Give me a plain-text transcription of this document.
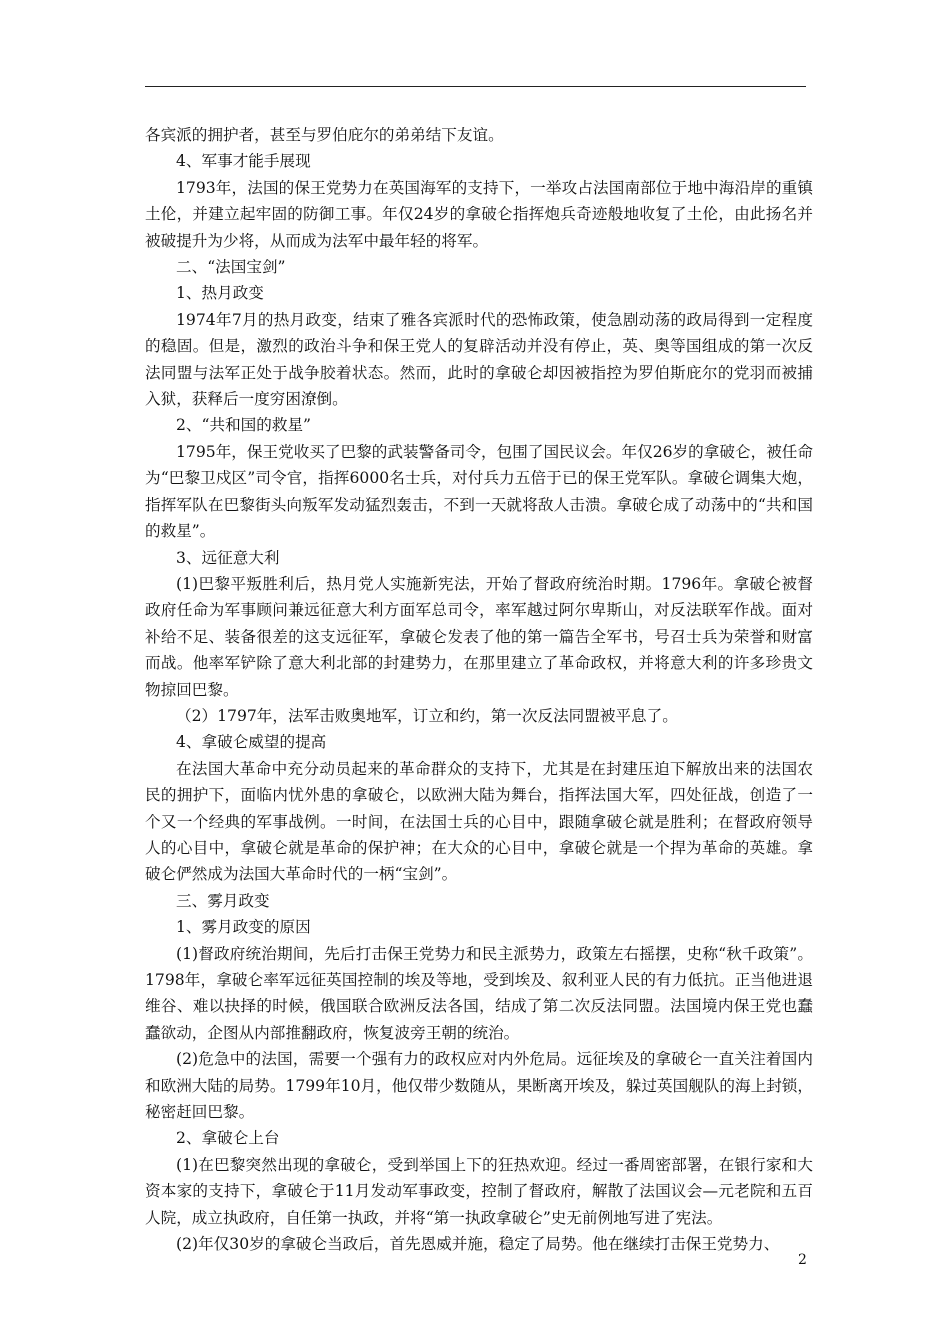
各宾派的拥护者，甚至与罗伯庇尔的弟弟结下友谊。

4、军事才能手展现

1793年，法国的保王党势力在英国海军的支持下，一举攻占法国南部位于地中海沿岸的重镇土伦，并建立起牢固的防御工事。年仅24岁的拿破仑指挥炮兵奇迹般地收复了土伦，由此扬名并被破提升为少将，从而成为法军中最年轻的将军。

二、“法国宝剑”

1、热月政变

1974年7月的热月政变，结束了雅各宾派时代的恐怖政策，使急剧动荡的政局得到一定程度的稳固。但是，激烈的政治斗争和保王党人的复辟活动并没有停止，英、奥等国组成的第一次反法同盟与法军正处于战争胶着状态。然而，此时的拿破仑却因被指控为罗伯斯庇尔的党羽而被捕入狱，获释后一度穷困潦倒。

2、“共和国的救星”

1795年，保王党收买了巴黎的武装警备司令，包围了国民议会。年仅26岁的拿破仑，被任命为“巴黎卫戍区”司令官，指挥6000名士兵，对付兵力五倍于已的保王党军队。拿破仑调集大炮，指挥军队在巴黎街头向叛军发动猛烈轰击，不到一天就将敌人击溃。拿破仑成了动荡中的“共和国的救星”。

3、远征意大利

(1)巴黎平叛胜利后，热月党人实施新宪法，开始了督政府统治时期。1796年。拿破仑被督政府任命为军事顾问兼远征意大利方面军总司令，率军越过阿尔卑斯山，对反法联军作战。面对补给不足、装备很差的这支远征军，拿破仑发表了他的第一篇告全军书，号召士兵为荣誉和财富而战。他率军铲除了意大利北部的封建势力，在那里建立了革命政权，并将意大利的许多珍贵文物掠回巴黎。

（2）1797年，法军击败奥地军，订立和约，第一次反法同盟被平息了。

4、拿破仑威望的提高

在法国大革命中充分动员起来的革命群众的支持下，尤其是在封建压迫下解放出来的法国农民的拥护下，面临内忧外患的拿破仑，以欧洲大陆为舞台，指挥法国大军，四处征战，创造了一个又一个经典的军事战例。一时间，在法国士兵的心目中，跟随拿破仑就是胜利；在督政府领导人的心目中，拿破仑就是革命的保护神；在大众的心目中，拿破仑就是一个捍为革命的英雄。拿破仑俨然成为法国大革命时代的一柄“宝剑”。

三、雾月政变

1、雾月政变的原因

(1)督政府统治期间，先后打击保王党势力和民主派势力，政策左右摇摆，史称“秋千政策”。1798年，拿破仑率军远征英国控制的埃及等地，受到埃及、叙利亚人民的有力低抗。正当他进退维谷、难以抉择的时候，俄国联合欧洲反法各国，结成了第二次反法同盟。法国境内保王党也蠢蠢欲动，企图从内部推翻政府，恢复波旁王朝的统治。

(2)危急中的法国，需要一个强有力的政权应对内外危局。远征埃及的拿破仑一直关注着国内和欧洲大陆的局势。1799年10月，他仅带少数随从，果断离开埃及，躲过英国舰队的海上封锁，秘密赶回巴黎。

2、拿破仑上台

(1)在巴黎突然出现的拿破仑，受到举国上下的狂热欢迎。经过一番周密部署，在银行家和大资本家的支持下，拿破仑于11月发动军事政变，控制了督政府，解散了法国议会—元老院和五百人院，成立执政府，自任第一执政，并将“第一执政拿破仑”史无前例地写进了宪法。

(2)年仅30岁的拿破仑当政后，首先恩威并施，稳定了局势。他在继续打击保王党势力、

2
